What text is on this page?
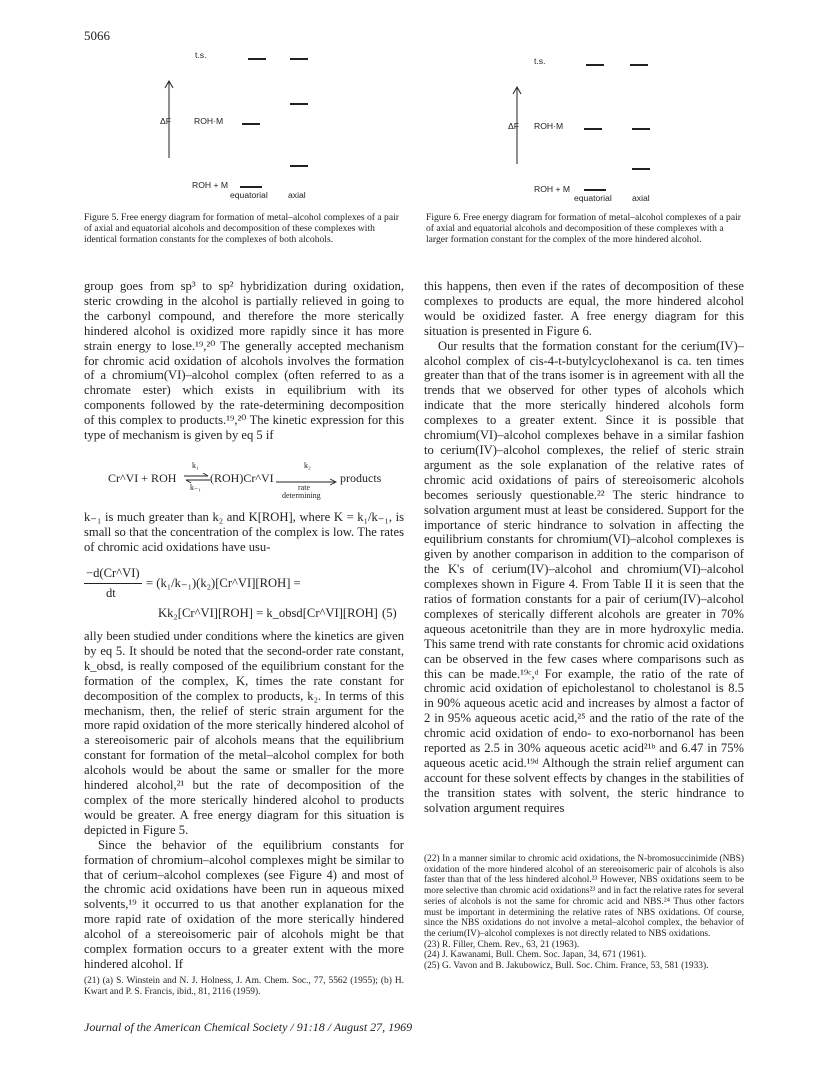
5066
t.s.
ΔF	ROH·M
ROH + M
equatorial axial
Figure 5. Free energy diagram for formation of metal–alcohol complexes of a pair of axial and equatorial alcohols and decomposition of these complexes with identical formation constants for the complexes of both alcohols.
t.s.
ΔF ROH·M
ROH + M
equatorial axial
Figure 6. Free energy diagram for formation of metal–alcohol complexes of a pair of axial and equatorial alcohols and decomposition of these complexes with a larger formation constant for the complex of the more hindered alcohol.

group goes from sp³ to sp² hybridization during oxidation, steric crowding in the alcohol is partially relieved in going to the carbonyl compound, and therefore the more sterically hindered alcohol is oxidized more rapidly since it has more strain energy to lose.¹⁹,²⁰ The generally accepted mechanism for chromic acid oxidation of alcohols involves the formation of a chromium(VI)–alcohol complex (often referred to as a chromate ester) which exists in equilibrium with its components followed by the rate-determining decomposition of this complex to products.¹⁹,²⁰ The kinetic expression for this type of mechanism is given by eq 5 if

Cr^VI + ROH
k₁
k₋₁
(ROH)Cr^VI
k₂
rate
determining
products

k₋₁ is much greater than k₂ and K[ROH], where K = k₁/k₋₁, is small so that the concentration of the complex is low. The rates of chromic acid oxidations have usu-

−d(Cr^VI)
dt
= (k₁/k₋₁)(k₂)[Cr^VI][ROH] =
Kk₂[Cr^VI][ROH] = k_obsd[Cr^VI][ROH] (5)

ally been studied under conditions where the kinetics are given by eq 5. It should be noted that the second-order rate constant, k_obsd, is really composed of the equilibrium constant for the formation of the complex, K, times the rate constant for decomposition of the complex to products, k₂. In terms of this mechanism, then, the relief of steric strain argument for the more rapid oxidation of the more sterically hindered alcohol of a stereoisomeric pair of alcohols means that the equilibrium constant for formation of the metal–alcohol complex for both alcohols would be about the same or smaller for the more hindered alcohol,²¹ but the rate of decomposition of the complex of the more sterically hindered alcohol to products would be greater. A free energy diagram for this situation is depicted in Figure 5.

Since the behavior of the equilibrium constants for formation of chromium–alcohol complexes might be similar to that of cerium–alcohol complexes (see Figure 4) and most of the chromic acid oxidations have been run in aqueous mixed solvents,¹⁹ it occurred to us that another explanation for the more rapid rate of oxidation of the more sterically hindered alcohol of a stereoisomeric pair of alcohols might be that complex formation occurs to a greater extent with the more hindered alcohol. If

(21) (a) S. Winstein and N. J. Holness, J. Am. Chem. Soc., 77, 5562 (1955); (b) H. Kwart and P. S. Francis, ibid., 81, 2116 (1959).

this happens, then even if the rates of decomposition of these complexes to products are equal, the more hindered alcohol would be oxidized faster. A free energy diagram for this situation is presented in Figure 6.

Our results that the formation constant for the cerium(IV)–alcohol complex of cis-4-t-butylcyclohexanol is ca. ten times greater than that of the trans isomer is in agreement with all the trends that we observed for other types of alcohols which indicate that the more sterically hindered alcohols form complexes to a greater extent. Since it is possible that chromium(VI)–alcohol complexes behave in a similar fashion to cerium(IV)–alcohol complexes, the relief of steric strain argument as the sole explanation of the relative rates of chromic acid oxidations of pairs of stereoisomeric alcohols becomes seriously questionable.²² The steric hindrance to solvation argument must at least be considered. Support for the importance of steric hindrance to solvation in affecting the equilibrium constants for chromium(VI)–alcohol complexes is given by another comparison in addition to the comparison of the K's of cerium(IV)–alcohol and chromium(VI)–alcohol complexes shown in Figure 4. From Table II it is seen that the ratios of formation constants for a pair of cerium(IV)–alcohol complexes of sterically different alcohols are greater in 70% aqueous acetonitrile than they are in more hydroxylic media. This same trend with rate constants for chromic acid oxidations can be observed in the few cases where comparisons such as this can be made.¹⁹ᶜ,ᵈ For example, the ratio of the rate of chromic acid oxidation of epicholestanol to cholestanol is 8.5 in 90% aqueous acetic acid and increases by almost a factor of 2 in 95% aqueous acetic acid,²⁵ and the ratio of the rate of the chromic acid oxidation of endo- to exo-norbornanol has been reported as 2.5 in 30% aqueous acetic acid²¹ᵇ and 6.47 in 75% aqueous acetic acid.¹⁹ᵈ Although the strain relief argument can account for these solvent effects by changes in the stabilities of the transition states with solvent, the steric hindrance to solvation argument requires

(22) In a manner similar to chromic acid oxidations, the N-bromosuccinimide (NBS) oxidation of the more hindered alcohol of an stereoisomeric pair of alcohols is also faster than that of the less hindered alcohol.²³ However, NBS oxidations seem to be more selective than chromic acid oxidations²³ and in fact the relative rates for several series of alcohols is not the same for chromic acid and NBS.²⁴ Thus other factors must be important in determining the relative rates of NBS oxidations. Of course, since the NBS oxidations do not involve a metal–alcohol complex, the behavior of the cerium(IV)–alcohol complexes is not directly related to NBS oxidations.

(23) R. Filler, Chem. Rev., 63, 21 (1963).

(24) J. Kawanami, Bull. Chem. Soc. Japan, 34, 671 (1961).

(25) G. Vavon and B. Jakubowicz, Bull. Soc. Chim. France, 53, 581 (1933).

Journal of the American Chemical Society / 91:18 / August 27, 1969
